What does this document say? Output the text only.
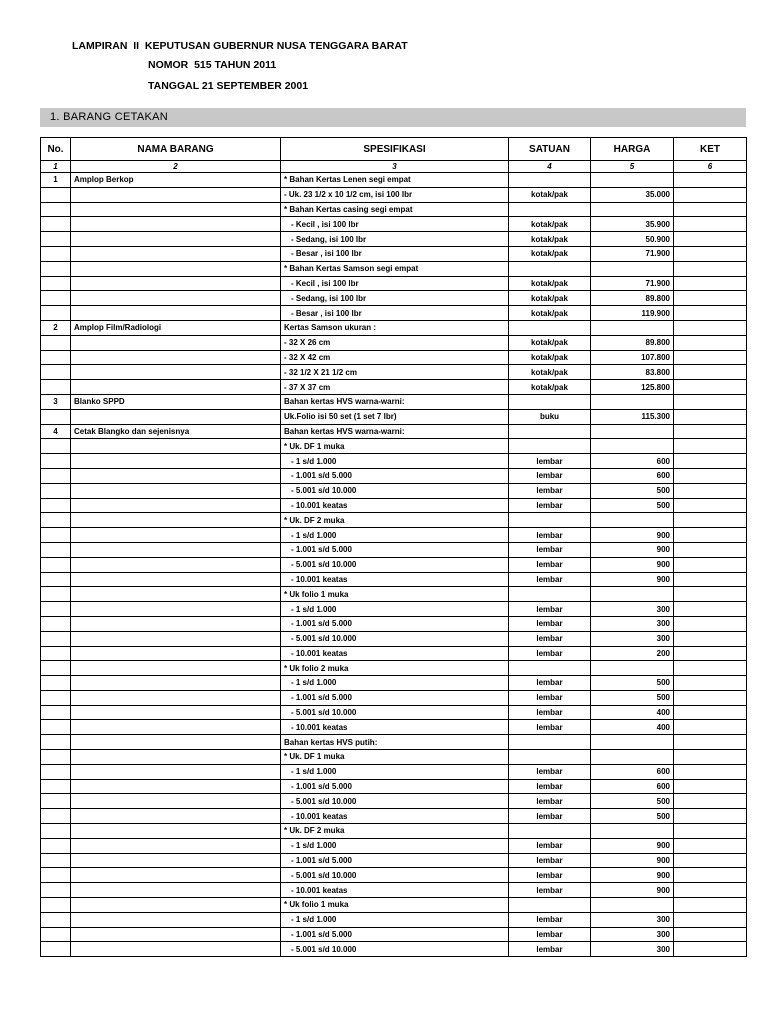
LAMPIRAN  II  KEPUTUSAN GUBERNUR NUSA TENGGARA BARAT
NOMOR  515 TAHUN 2011
TANGGAL 21 SEPTEMBER 2001
1. BARANG CETAKAN
No.	NAMA BARANG	SPESIFIKASI	SATUAN	HARGA	KET
1	2	3	4	5	6
1	Amplop Berkop	* Bahan Kertas Lenen segi empat			
		- Uk. 23 1/2 x 10 1/2 cm, isi 100 lbr	kotak/pak	35.000	
		* Bahan Kertas casing segi empat			
		- Kecil , isi 100 lbr	kotak/pak	35.900	
		- Sedang, isi 100 lbr	kotak/pak	50.900	
		- Besar , isi 100 lbr	kotak/pak	71.900	
		* Bahan Kertas Samson segi empat			
		- Kecil , isi 100 lbr	kotak/pak	71.900	
		- Sedang, isi 100 lbr	kotak/pak	89.800	
		- Besar , isi 100 lbr	kotak/pak	119.900	
2	Amplop Film/Radiologi	Kertas Samson ukuran :			
		- 32 X 26 cm	kotak/pak	89.800	
		- 32 X 42 cm	kotak/pak	107.800	
		- 32 1/2 X 21 1/2 cm	kotak/pak	83.800	
		- 37 X 37 cm	kotak/pak	125.800	
3	Blanko SPPD	Bahan kertas HVS warna-warni:			
		Uk.Folio isi 50 set (1 set 7 lbr)	buku	115.300	
4	Cetak Blangko dan sejenisnya	Bahan kertas HVS warna-warni:			
		* Uk. DF 1 muka			
		- 1 s/d 1.000	lembar	600	
		- 1.001 s/d 5.000	lembar	600	
		- 5.001 s/d 10.000	lembar	500	
		- 10.001 keatas	lembar	500	
		* Uk. DF 2 muka			
		- 1 s/d 1.000	lembar	900	
		- 1.001 s/d 5.000	lembar	900	
		- 5.001 s/d 10.000	lembar	900	
		- 10.001 keatas	lembar	900	
		* Uk folio 1 muka			
		- 1 s/d 1.000	lembar	300	
		- 1.001 s/d 5.000	lembar	300	
		- 5.001 s/d 10.000	lembar	300	
		- 10.001 keatas	lembar	200	
		* Uk folio 2 muka			
		- 1 s/d 1.000	lembar	500	
		- 1.001 s/d 5.000	lembar	500	
		- 5.001 s/d 10.000	lembar	400	
		- 10.001 keatas	lembar	400	
		Bahan kertas HVS putih:			
		* Uk. DF 1 muka			
		- 1 s/d 1.000	lembar	600	
		- 1.001 s/d 5.000	lembar	600	
		- 5.001 s/d 10.000	lembar	500	
		- 10.001 keatas	lembar	500	
		* Uk. DF 2 muka			
		- 1 s/d 1.000	lembar	900	
		- 1.001 s/d 5.000	lembar	900	
		- 5.001 s/d 10.000	lembar	900	
		- 10.001 keatas	lembar	900	
		* Uk folio 1 muka			
		- 1 s/d 1.000	lembar	300	
		- 1.001 s/d 5.000	lembar	300	
		- 5.001 s/d 10.000	lembar	300	
